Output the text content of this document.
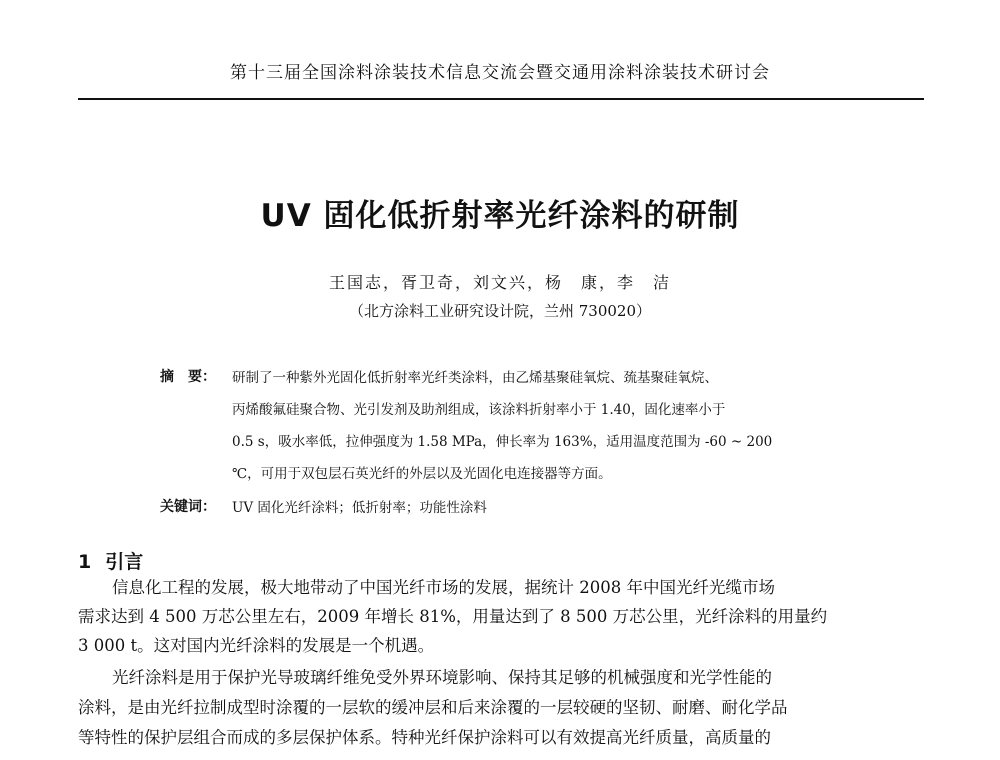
第十三届全国涂料涂装技术信息交流会暨交通用涂料涂装技术研讨会
UV 固化低折射率光纤涂料的研制
王国志，胥卫奇，刘文兴，杨　康，李　洁
（北方涂料工业研究设计院，兰州 730020）
摘　要： 研制了一种紫外光固化低折射率光纤类涂料，由乙烯基聚硅氧烷、巯基聚硅氧烷、
丙烯酸氟硅聚合物、光引发剂及助剂组成，该涂料折射率小于 1.40，固化速率小于
0.5 s，吸水率低，拉伸强度为 1.58 MPa，伸长率为 163%，适用温度范围为 -60 ~ 200
℃，可用于双包层石英光纤的外层以及光固化电连接器等方面。
关键词： UV 固化光纤涂料；低折射率；功能性涂料
1 引言
信息化工程的发展，极大地带动了中国光纤市场的发展，据统计 2008 年中国光纤光缆市场
需求达到 4 500 万芯公里左右，2009 年增长 81%，用量达到了 8 500 万芯公里，光纤涂料的用量约
3 000 t。这对国内光纤涂料的发展是一个机遇。
光纤涂料是用于保护光导玻璃纤维免受外界环境影响、保持其足够的机械强度和光学性能的
涂料，是由光纤拉制成型时涂覆的一层软的缓冲层和后来涂覆的一层较硬的坚韧、耐磨、耐化学品
等特性的保护层组合而成的多层保护体系。特种光纤保护涂料可以有效提高光纤质量，高质量的
